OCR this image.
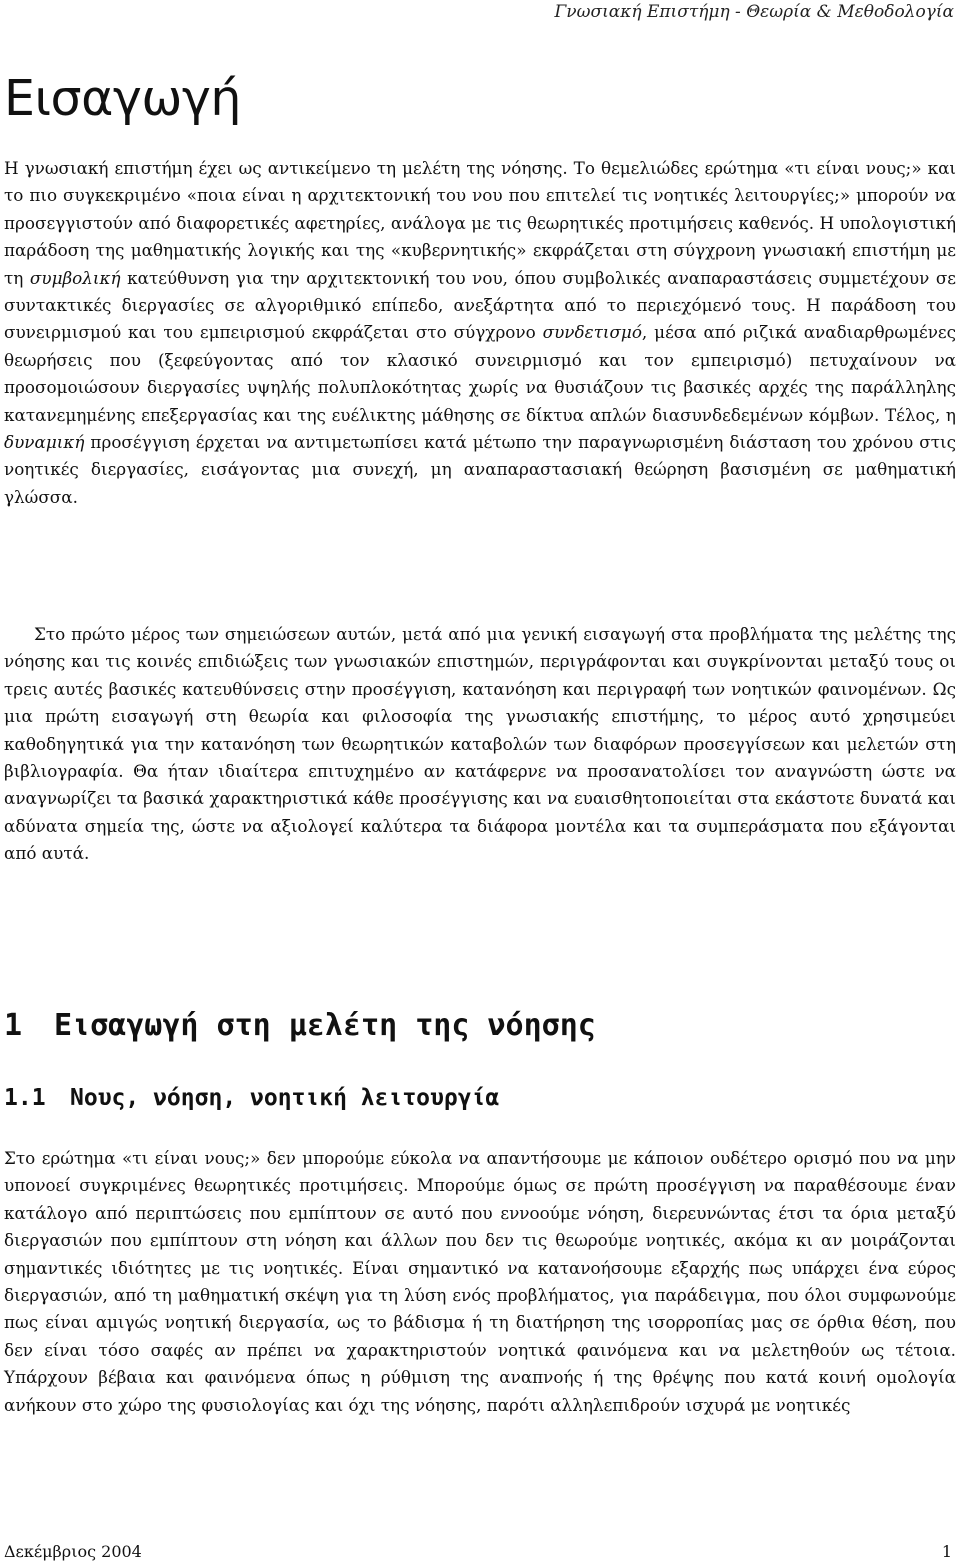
Γνωσιακή Επιστήμη - Θεωρία & Μεθοδολογία
Εισαγωγή

Η γνωσιακή επιστήμη έχει ως αντικείμενο τη μελέτη της νόησης. Το θεμελιώδες ερώτημα «τι είναι νους;» και το πιο συγκεκριμένο «ποια είναι η αρχιτεκτονική του νου που επιτελεί τις νοητικές λειτουργίες;» μπορούν να προσεγγιστούν από διαφορετικές αφετηρίες, ανάλογα με τις θεωρητικές προτιμήσεις καθενός. Η υπολογιστική παράδοση της μαθηματικής λογικής και της «κυβερνητικής» εκφράζεται στη σύγχρονη γνωσιακή επιστήμη με τη συμβολική κατεύθυνση για την αρχιτεκτονική του νου, όπου συμβολικές αναπαραστάσεις συμμετέχουν σε συντακτικές διεργασίες σε αλγοριθμικό επίπεδο, ανεξάρτητα από το περιεχόμενό τους. Η παράδοση του συνειρμισμού και του εμπειρισμού εκφράζεται στο σύγχρονο συνδετισμό, μέσα από ριζικά αναδιαρθρωμένες θεωρήσεις που (ξεφεύγοντας από τον κλασικό συνειρμισμό και τον εμπειρισμό) πετυχαίνουν να προσομοιώσουν διεργασίες υψηλής πολυπλοκότητας χωρίς να θυσιάζουν τις βασικές αρχές της παράλληλης κατανεμημένης επεξεργασίας και της ευέλικτης μάθησης σε δίκτυα απλών διασυνδεδεμένων κόμβων. Τέλος, η δυναμική προσέγγιση έρχεται να αντιμετωπίσει κατά μέτωπο την παραγνωρισμένη διάσταση του χρόνου στις νοητικές διεργασίες, εισάγοντας μια συνεχή, μη αναπαραστασιακή θεώρηση βασισμένη σε μαθηματική γλώσσα.

Στο πρώτο μέρος των σημειώσεων αυτών, μετά από μια γενική εισαγωγή στα προβλήματα της μελέτης της νόησης και τις κοινές επιδιώξεις των γνωσιακών επιστημών, περιγράφονται και συγκρίνονται μεταξύ τους οι τρεις αυτές βασικές κατευθύνσεις στην προσέγγιση, κατανόηση και περιγραφή των νοητικών φαινομένων. Ως μια πρώτη εισαγωγή στη θεωρία και φιλοσοφία της γνωσιακής επιστήμης, το μέρος αυτό χρησιμεύει καθοδηγητικά για την κατανόηση των θεωρητικών καταβολών των διαφόρων προσεγγίσεων και μελετών στη βιβλιογραφία. Θα ήταν ιδιαίτερα επιτυχημένο αν κατάφερνε να προσανατολίσει τον αναγνώστη ώστε να αναγνωρίζει τα βασικά χαρακτηριστικά κάθε προσέγγισης και να ευαισθητοποιείται στα εκάστοτε δυνατά και αδύνατα σημεία της, ώστε να αξιολογεί καλύτερα τα διάφορα μοντέλα και τα συμπεράσματα που εξάγονται από αυτά.

1 Εισαγωγή στη μελέτη της νόησης
1.1 Νους, νόηση, νοητική λειτουργία

Στο ερώτημα «τι είναι νους;» δεν μπορούμε εύκολα να απαντήσουμε με κάποιον ουδέτερο ορισμό που να μην υπονοεί συγκριμένες θεωρητικές προτιμήσεις. Μπορούμε όμως σε πρώτη προσέγγιση να παραθέσουμε έναν κατάλογο από περιπτώσεις που εμπίπτουν σε αυτό που εννοούμε νόηση, διερευνώντας έτσι τα όρια μεταξύ διεργασιών που εμπίπτουν στη νόηση και άλλων που δεν τις θεωρούμε νοητικές, ακόμα κι αν μοιράζονται σημαντικές ιδιότητες με τις νοητικές. Είναι σημαντικό να κατανοήσουμε εξαρχής πως υπάρχει ένα εύρος διεργασιών, από τη μαθηματική σκέψη για τη λύση ενός προβλήματος, για παράδειγμα, που όλοι συμφωνούμε πως είναι αμιγώς νοητική διεργασία, ως το βάδισμα ή τη διατήρηση της ισορροπίας μας σε όρθια θέση, που δεν είναι τόσο σαφές αν πρέπει να χαρακτηριστούν νοητικά φαινόμενα και να μελετηθούν ως τέτοια. Υπάρχουν βέβαια και φαινόμενα όπως η ρύθμιση της αναπνοής ή της θρέψης που κατά κοινή ομολογία ανήκουν στο χώρο της φυσιολογίας και όχι της νόησης, παρότι αλληλεπιδρούν ισχυρά με νοητικές

Δεκέμβριος 2004	1
